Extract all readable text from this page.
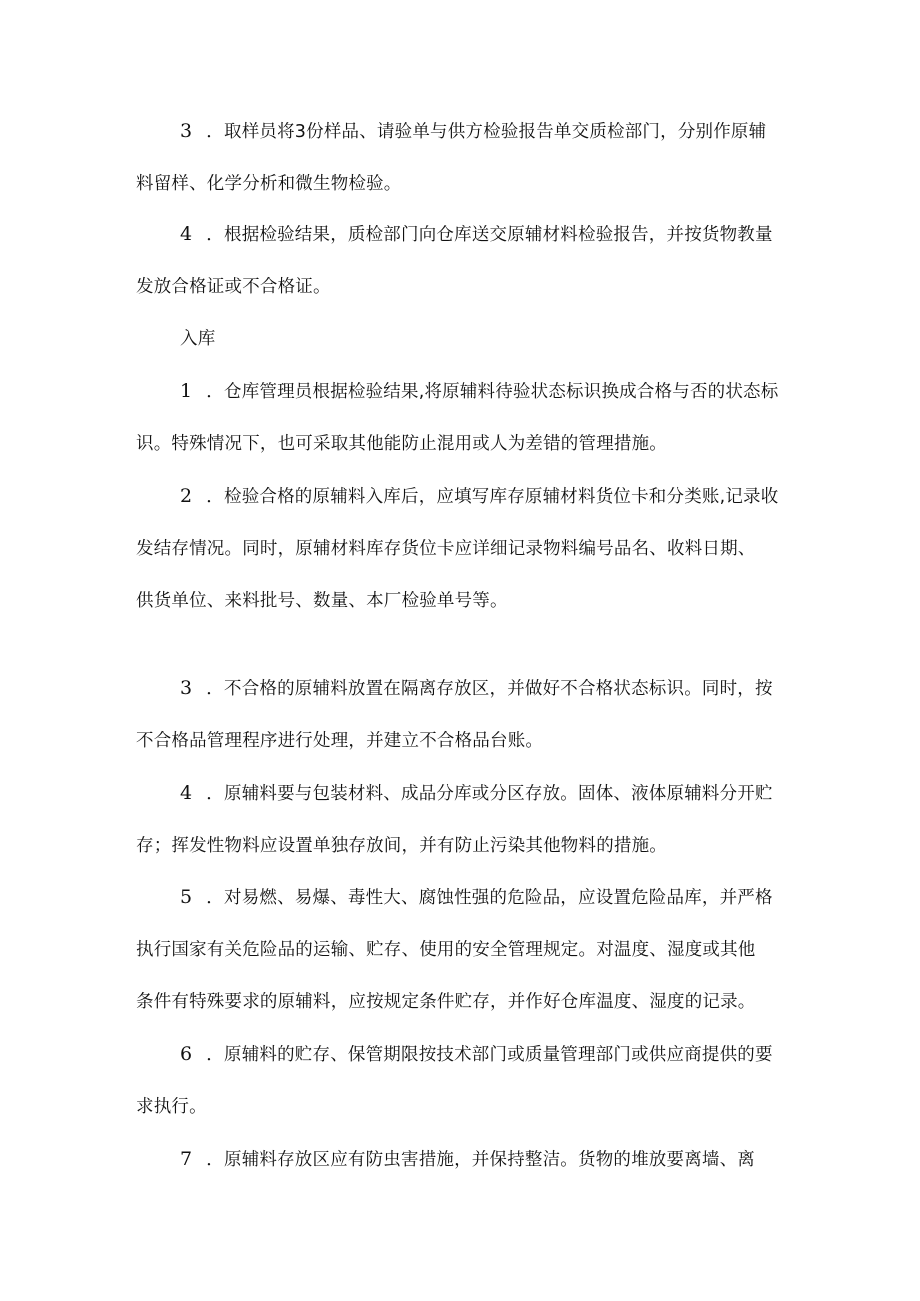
3 ．取样员将3份样品、请验单与供方检验报告单交质检部门，分别作原辅
料留样、化学分析和微生物检验。
4 ．根据检验结果，质检部门向仓库送交原辅材料检验报告，并按货物教量
发放合格证或不合格证。
入库
1 ．仓库管理员根据检验结果,将原辅料待验状态标识换成合格与否的状态标
识。特殊情况下，也可采取其他能防止混用或人为差错的管理措施。
2 ．检验合格的原辅料入库后，应填写库存原辅材料货位卡和分类账,记录收
发结存情况。同时，原辅材料库存货位卡应详细记录物料编号品名、收料日期、
供货单位、来料批号、数量、本厂检验单号等。
3 ．不合格的原辅料放置在隔离存放区，并做好不合格状态标识。同时，按
不合格品管理程序进行处理，并建立不合格品台账。
4 ．原辅料要与包装材料、成品分库或分区存放。固体、液体原辅料分开贮
存；挥发性物料应设置单独存放间，并有防止污染其他物料的措施。
5 ．对易燃、易爆、毒性大、腐蚀性强的危险品，应设置危险品库，并严格
执行国家有关危险品的运输、贮存、使用的安全管理规定。对温度、湿度或其他
条件有特殊要求的原辅料，应按规定条件贮存，并作好仓库温度、湿度的记录。
6 ．原辅料的贮存、保管期限按技术部门或质量管理部门或供应商提供的要
求执行。
7 ．原辅料存放区应有防虫害措施，并保持整洁。货物的堆放要离墙、离
